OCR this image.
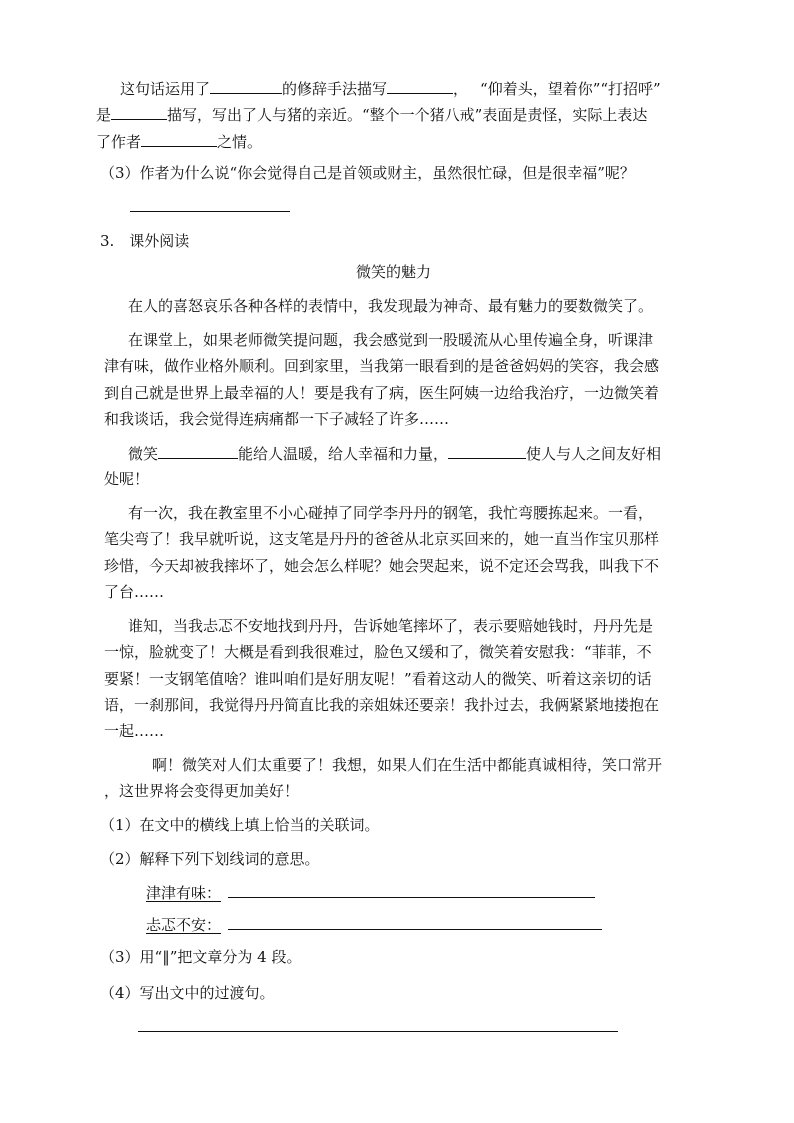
这句话运用了	的修辞手法描写	， “仰着头，望着你”“打招呼”
是	描写，写出了人与猪的亲近。“整个一个猪八戒”表面是责怪，实际上表达
了作者	之情。
（3）作者为什么说“你会觉得自己是首领或财主，虽然很忙碌，但是很幸福”呢？
3.　课外阅读
微笑的魅力
在人的喜怒哀乐各种各样的表情中，我发现最为神奇、最有魅力的要数微笑了。
在课堂上，如果老师微笑提问题，我会感觉到一股暖流从心里传遍全身，听课津
津有味，做作业格外顺利。回到家里，当我第一眼看到的是爸爸妈妈的笑容，我会感
到自己就是世界上最幸福的人！要是我有了病，医生阿姨一边给我治疗，一边微笑着
和我谈话，我会觉得连病痛都一下子减轻了许多……
微笑	能给人温暖，给人幸福和力量，	使人与人之间友好相
处呢！
有一次，我在教室里不小心碰掉了同学李丹丹的钢笔，我忙弯腰拣起来。一看，
笔尖弯了！我早就听说，这支笔是丹丹的爸爸从北京买回来的，她一直当作宝贝那样
珍惜，今天却被我摔坏了，她会怎么样呢？她会哭起来，说不定还会骂我，叫我下不
了台……
谁知，当我忐忑不安地找到丹丹，告诉她笔摔坏了，表示要赔她钱时，丹丹先是
一惊，脸就变了！大概是看到我很难过，脸色又缓和了，微笑着安慰我：“菲菲，不
要紧！一支钢笔值啥？谁叫咱们是好朋友呢！”看着这动人的微笑、听着这亲切的话
语，一刹那间，我觉得丹丹简直比我的亲姐妹还要亲！我扑过去，我俩紧紧地搂抱在
一起……
啊！微笑对人们太重要了！我想，如果人们在生活中都能真诚相待，笑口常开
，这世界将会变得更加美好！
（1）在文中的横线上填上恰当的关联词。
（2）解释下列下划线词的意思。
津津有味：
忐忑不安：
（3）用“‖”把文章分为 4 段。
（4）写出文中的过渡句。
